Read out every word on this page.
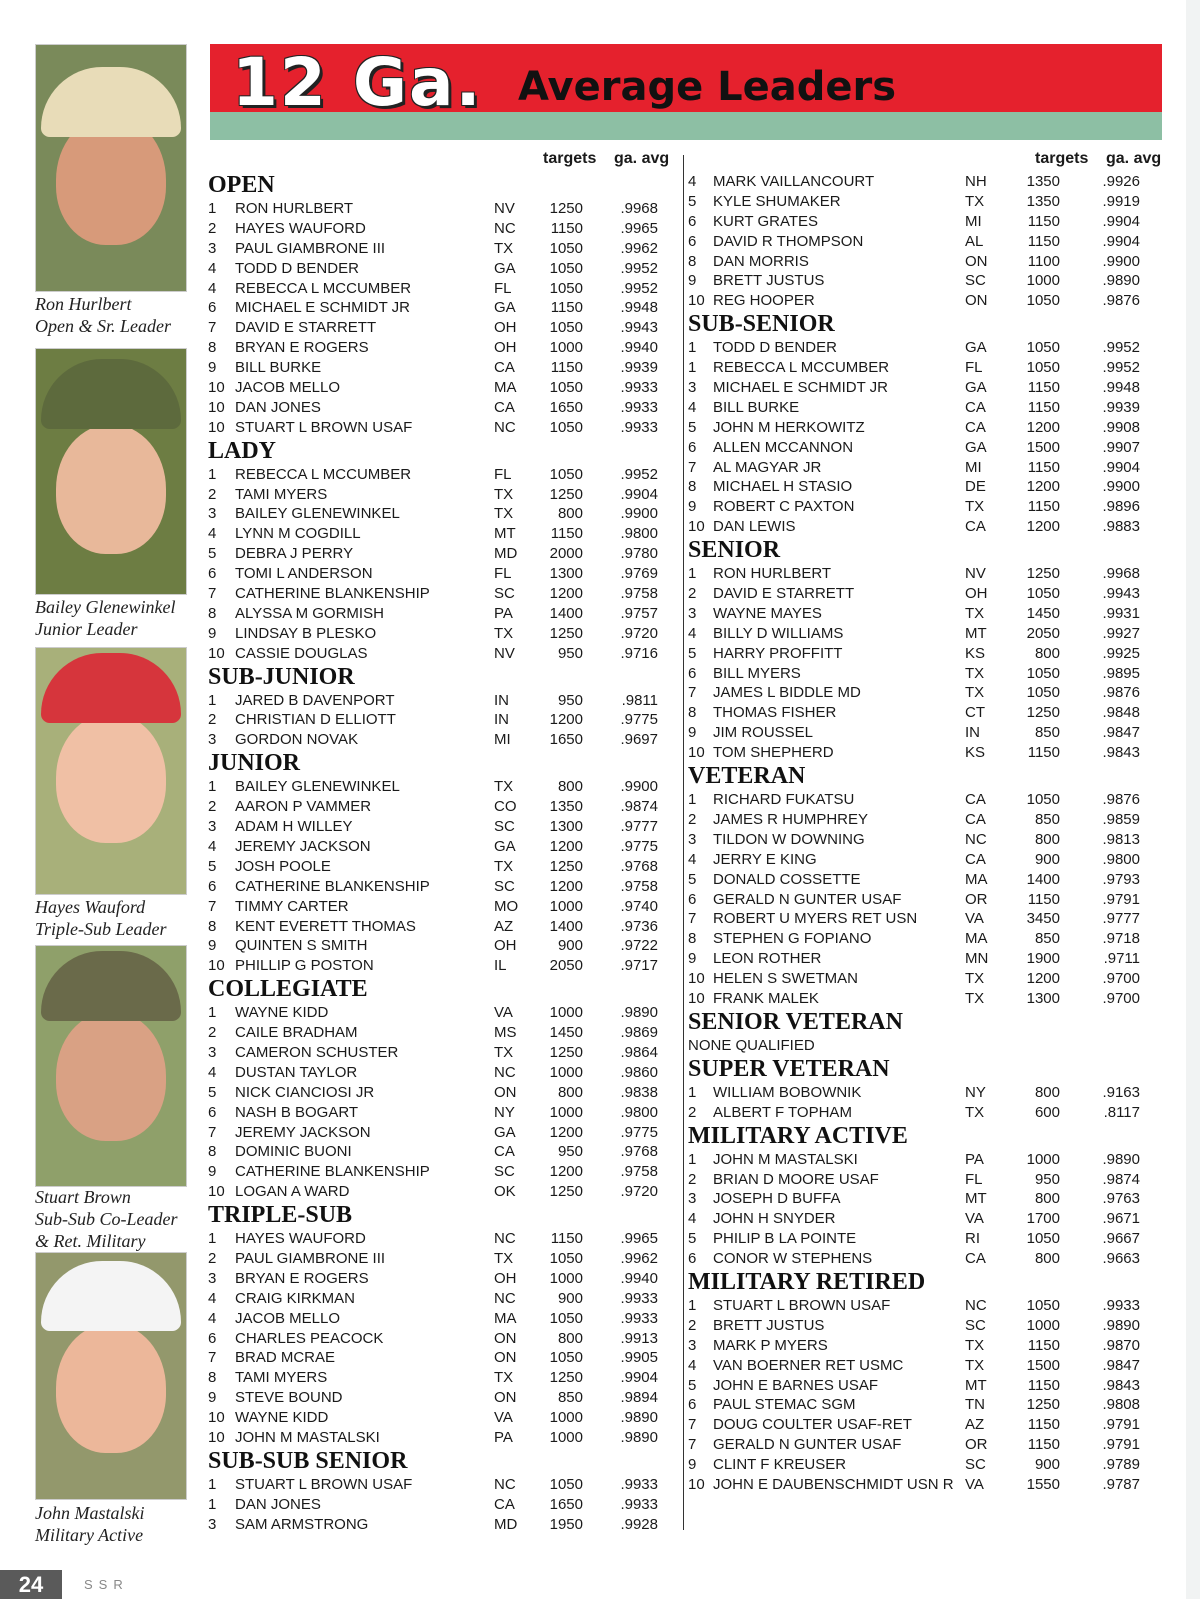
Ron Hurlbert
Open & Sr. Leader
Bailey Glenewinkel
Junior Leader
Hayes Wauford
Triple-Sub Leader
Stuart Brown
Sub-Sub Co-Leader
& Ret. Military
John Mastalski
Military Active
12 Ga. Average Leaders
targets ga. avg
OPEN
1 RON HURLBERT	NV 1250 .9968
2 HAYES WAUFORD	NC 1150 .9965
3 PAUL GIAMBRONE III	TX 1050 .9962
4 TODD D BENDER	GA 1050 .9952
4 REBECCA L MCCUMBER	FL	1050 .9952
6 MICHAEL E SCHMIDT JR	GA 1150 .9948
7 DAVID E STARRETT	OH 1050 .9943
8 BRYAN E ROGERS	OH 1000 .9940
9 BILL BURKE	CA 1150 .9939
10 JACOB MELLO	MA 1050 .9933
10 DAN JONES	CA 1650 .9933
10 STUART L BROWN USAF	NC 1050 .9933
LADY
1 REBECCA L MCCUMBER	FL	1050 .9952
2 TAMI MYERS	TX 1250 .9904
3 BAILEY GLENEWINKEL	TX	800 .9900
4 LYNN M COGDILL	MT 1150 .9800
5 DEBRA J PERRY	MD 2000 .9780
6 TOMI L ANDERSON	FL	1300 .9769
7 CATHERINE BLANKENSHIP	SC 1200 .9758
8 ALYSSA M GORMISH	PA 1400 .9757
9 LINDSAY B PLESKO	TX 1250 .9720
10 CASSIE DOUGLAS	NV	950 .9716
SUB-JUNIOR
1 JARED B DAVENPORT	IN	950	.9811
2 CHRISTIAN D ELLIOTT	IN	1200 .9775
3 GORDON NOVAK	MI	1650 .9697
JUNIOR
1 BAILEY GLENEWINKEL	TX	800 .9900
2 AARON P VAMMER	CO 1350 .9874
3 ADAM H WILLEY	SC 1300 .9777
4 JEREMY JACKSON	GA 1200 .9775
5 JOSH POOLE	TX 1250 .9768
6 CATHERINE BLANKENSHIP	SC 1200 .9758
7 TIMMY CARTER	MO 1000 .9740
8 KENT EVERETT THOMAS	AZ 1400 .9736
9 QUINTEN S SMITH	OH	900 .9722
10 PHILLIP G POSTON	IL	2050 .9717
COLLEGIATE
1 WAYNE KIDD	VA 1000 .9890
2 CAILE BRADHAM	MS 1450 .9869
3 CAMERON SCHUSTER	TX 1250 .9864
4 DUSTAN TAYLOR	NC 1000 .9860
5 NICK CIANCIOSI JR	ON	800 .9838
6 NASH B BOGART	NY 1000 .9800
7 JEREMY JACKSON	GA 1200 .9775
8 DOMINIC BUONI	CA	950 .9768
9 CATHERINE BLANKENSHIP	SC 1200 .9758
10 LOGAN A WARD	OK 1250 .9720
TRIPLE-SUB
1 HAYES WAUFORD	NC 1150 .9965
2 PAUL GIAMBRONE III	TX 1050 .9962
3 BRYAN E ROGERS	OH 1000 .9940
4 CRAIG KIRKMAN	NC	900 .9933
4 JACOB MELLO	MA 1050 .9933
6 CHARLES PEACOCK	ON	800 .9913
7 BRAD MCRAE	ON 1050 .9905
8 TAMI MYERS	TX 1250 .9904
9 STEVE BOUND	ON	850 .9894
10 WAYNE KIDD	VA 1000 .9890
10 JOHN M MASTALSKI	PA 1000 .9890
SUB-SUB SENIOR
1 STUART L BROWN USAF	NC 1050 .9933
1 DAN JONES	CA 1650 .9933
3 SAM ARMSTRONG	MD 1950 .9928
targets ga. avg
4 MARK VAILLANCOURT	NH	1350	.9926
5 KYLE SHUMAKER	TX	1350	.9919
6 KURT GRATES	MI	1150	.9904
6 DAVID R THOMPSON	AL	1150	.9904
8 DAN MORRIS	ON	1100	.9900
9 BRETT JUSTUS	SC	1000	.9890
10 REG HOOPER	ON	1050	.9876
SUB-SENIOR
1 TODD D BENDER	GA	1050	.9952
1 REBECCA L MCCUMBER	FL	1050	.9952
3 MICHAEL E SCHMIDT JR	GA	1150	.9948
4 BILL BURKE	CA	1150	.9939
5 JOHN M HERKOWITZ	CA	1200	.9908
6 ALLEN MCCANNON	GA	1500	.9907
7 AL MAGYAR JR	MI	1150	.9904
8 MICHAEL H STASIO	DE	1200	.9900
9 ROBERT C PAXTON	TX	1150	.9896
10 DAN LEWIS	CA	1200	.9883
SENIOR
1 RON HURLBERT	NV	1250	.9968
2 DAVID E STARRETT	OH	1050	.9943
3 WAYNE MAYES	TX	1450	.9931
4 BILLY D WILLIAMS	MT	2050	.9927
5 HARRY PROFFITT	KS	800	.9925
6 BILL MYERS	TX	1050	.9895
7 JAMES L BIDDLE MD	TX	1050	.9876
8 THOMAS FISHER	CT	1250	.9848
9 JIM ROUSSEL	IN	850	.9847
10 TOM SHEPHERD	KS	1150	.9843
VETERAN
1 RICHARD FUKATSU	CA	1050	.9876
2 JAMES R HUMPHREY	CA	850	.9859
3 TILDON W DOWNING	NC	800	.9813
4 JERRY E KING	CA	900	.9800
5 DONALD COSSETTE	MA	1400	.9793
6 GERALD N GUNTER USAF	OR	1150	.9791
7 ROBERT U MYERS RET USN	VA	3450	.9777
8 STEPHEN G FOPIANO	MA	850	.9718
9 LEON ROTHER	MN	1900	.9711
10 HELEN S SWETMAN	TX	1200	.9700
10 FRANK MALEK	TX	1300	.9700
SENIOR VETERAN
NONE QUALIFIED
SUPER VETERAN
1 WILLIAM BOBOWNIK	NY	800	.9163
2 ALBERT F TOPHAM	TX	600	.8117
MILITARY ACTIVE
1 JOHN M MASTALSKI	PA	1000	.9890
2 BRIAN D MOORE USAF	FL	950	.9874
3 JOSEPH D BUFFA	MT	800	.9763
4 JOHN H SNYDER	VA	1700	.9671
5 PHILIP B LA POINTE	RI	1050	.9667
6 CONOR W STEPHENS	CA	800	.9663
MILITARY RETIRED
1 STUART L BROWN USAF	NC	1050	.9933
2 BRETT JUSTUS	SC	1000	.9890
3 MARK P MYERS	TX	1150	.9870
4 VAN BOERNER RET USMC	TX	1500	.9847
5 JOHN E BARNES USAF	MT	1150	.9843
6 PAUL STEMAC SGM	TN	1250	.9808
7 DOUG COULTER USAF-RET	AZ	1150	.9791
7 GERALD N GUNTER USAF	OR	1150	.9791
9 CLINT F KREUSER	SC	900	.9789
10 JOHN E DAUBENSCHMIDT USN R VA	1550	.9787
24	SSR
